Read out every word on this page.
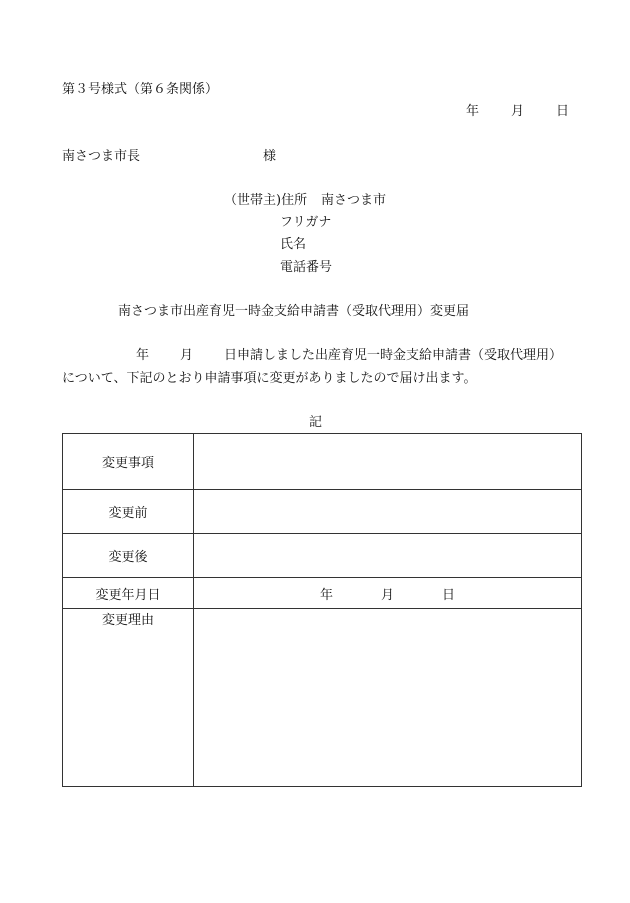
第３号様式（第６条関係）
年 月 日
南さつま市長	様
（世帯主)住所 南さつま市
フリガナ
氏名
電話番号
南さつま市出産育児一時金支給申請書（受取代理用）変更届
年 月 日申請しました出産育児一時金支給申請書（受取代理用）
について、下記のとおり申請事項に変更がありましたので届け出ます。
記
変更事項	
変更前	
変更後	
変更年月日	年 月 日
変更理由	
